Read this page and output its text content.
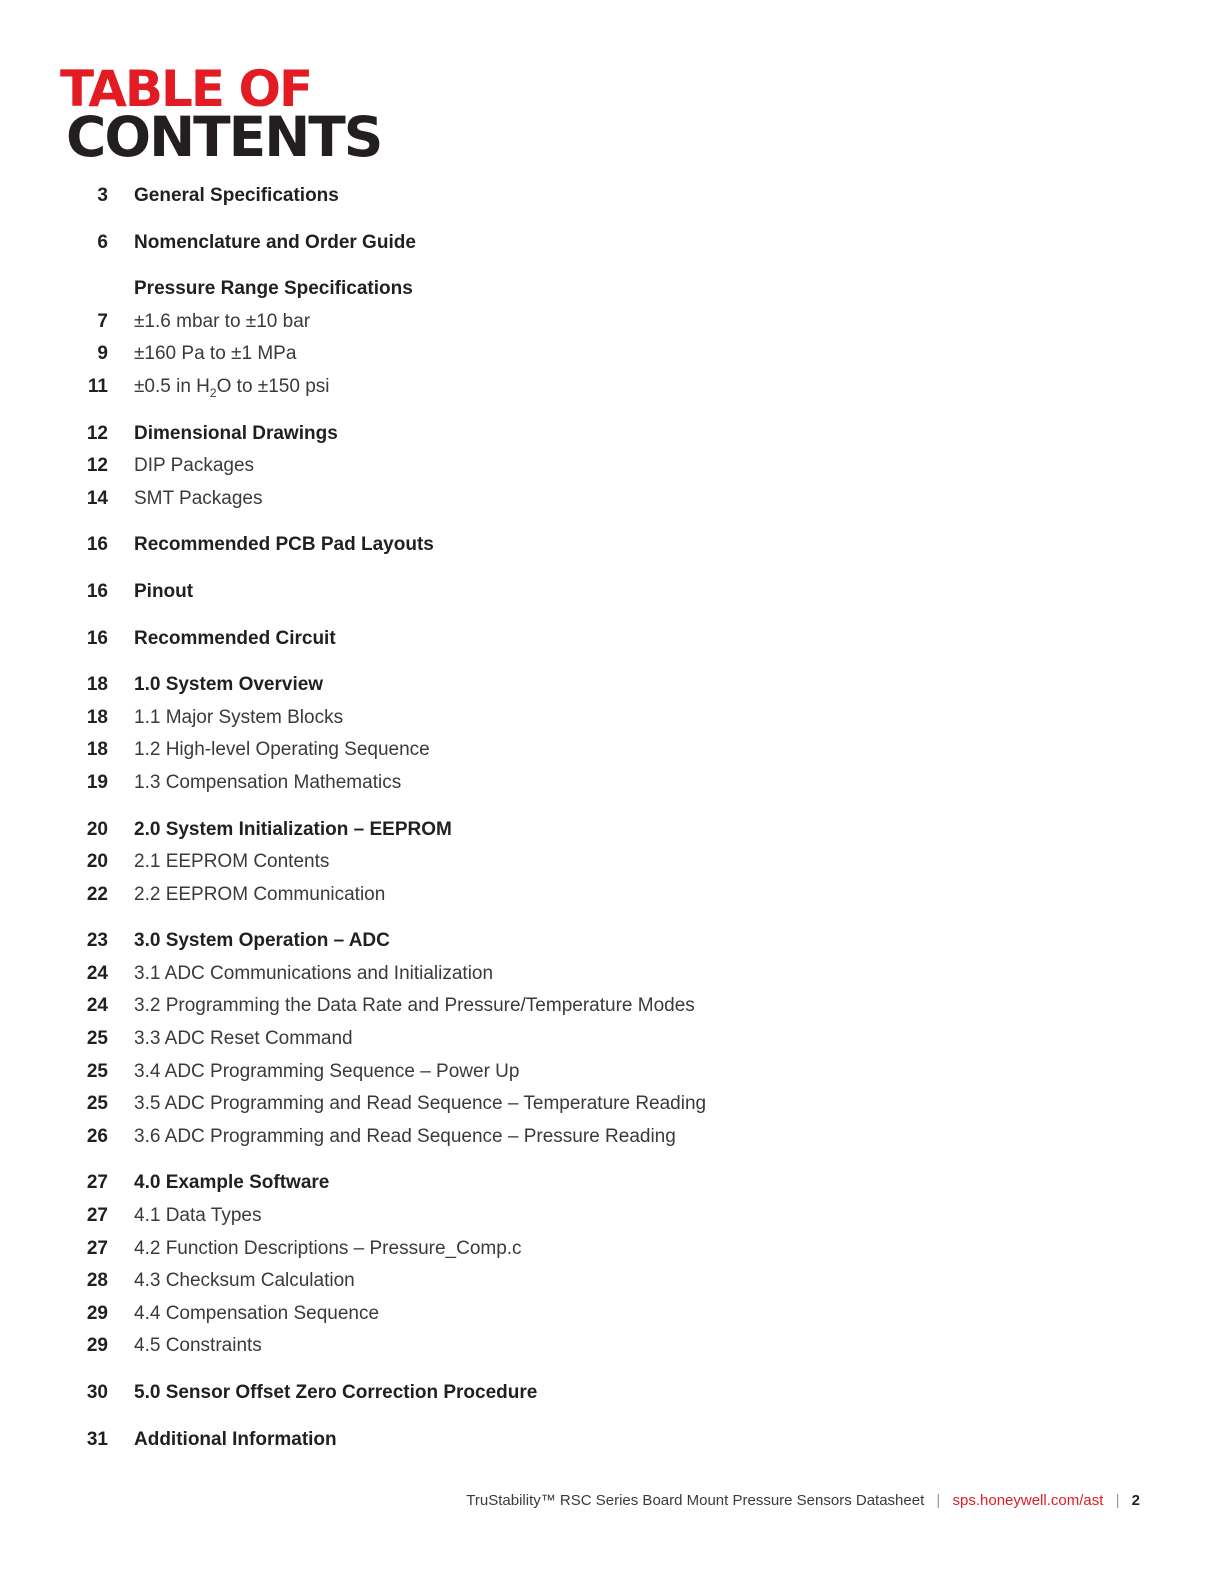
TABLE OF
CONTENTS
3 General Specifications
6 Nomenclature and Order Guide
Pressure Range Specifications
7 ±1.6 mbar to ±10 bar
9 ±160 Pa to ±1 MPa
11 ±0.5 in $H_2O$ to ±150 psi
12 Dimensional Drawings
12 DIP Packages
14 SMT Packages
16 Recommended PCB Pad Layouts
16 Pinout
16 Recommended Circuit
18 1.0 System Overview
18 1.1 Major System Blocks
18 1.2 High-level Operating Sequence
19 1.3 Compensation Mathematics
20 2.0 System Initialization – EEPROM
20 2.1 EEPROM Contents
22 2.2 EEPROM Communication
23 3.0 System Operation – ADC
24 3.1 ADC Communications and Initialization
24 3.2 Programming the Data Rate and Pressure/Temperature Modes
25 3.3 ADC Reset Command
25 3.4 ADC Programming Sequence – Power Up
25 3.5 ADC Programming and Read Sequence – Temperature Reading
26 3.6 ADC Programming and Read Sequence – Pressure Reading
27 4.0 Example Software
27 4.1 Data Types
27 4.2 Function Descriptions – Pressure_Comp.c
28 4.3 Checksum Calculation
29 4.4 Compensation Sequence
29 4.5 Constraints
30 5.0 Sensor Offset Zero Correction Procedure
31 Additional Information
TruStability™ RSC Series Board Mount Pressure Sensors Datasheet | sps.honeywell.com/ast | 2
